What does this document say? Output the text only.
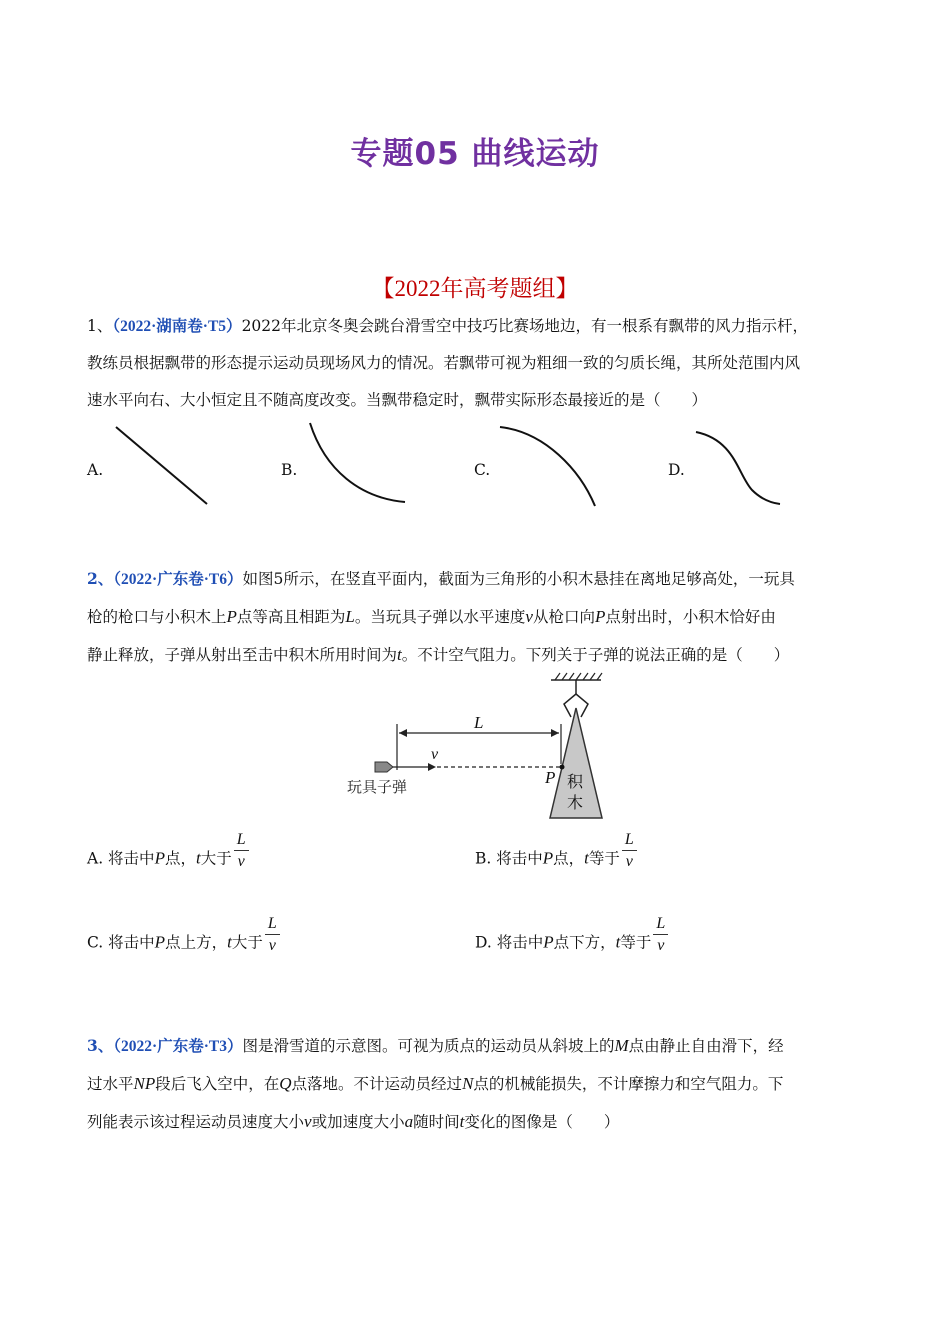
专题05 曲线运动
【2022年高考题组】
1、（2022·湖南卷·T5）2022年北京冬奥会跳台滑雪空中技巧比赛场地边，有一根系有飘带的风力指示杆，
教练员根据飘带的形态提示运动员现场风力的情况。若飘带可视为粗细一致的匀质长绳，其所处范围内风
速水平向右、大小恒定且不随高度改变。当飘带稳定时，飘带实际形态最接近的是（　　）
A.	B.	C.	D.
2、（2022·广东卷·T6）如图5所示，在竖直平面内，截面为三角形的小积木悬挂在离地足够高处，一玩具
枪的枪口与小积木上P点等高且相距为L。当玩具子弹以水平速度v从枪口向P点射出时，小积木恰好由
静止释放，子弹从射出至击中积木所用时间为t。不计空气阻力。下列关于子弹的说法正确的是（　　）
积
木
P
L
v
玩具子弹
A. 将击中P点，t大于 $\frac{L}{v}$	B. 将击中P点，t等于 $\frac{L}{v}$
C. 将击中P点上方，t大于 $\frac{L}{v}$	D. 将击中P点下方，t等于 $\frac{L}{v}$
3、（2022·广东卷·T3）图是滑雪道的示意图。可视为质点的运动员从斜坡上的M点由静止自由滑下，经
过水平NP段后飞入空中，在Q点落地。不计运动员经过N点的机械能损失，不计摩擦力和空气阻力。下
列能表示该过程运动员速度大小v或加速度大小a随时间t变化的图像是（　　）
